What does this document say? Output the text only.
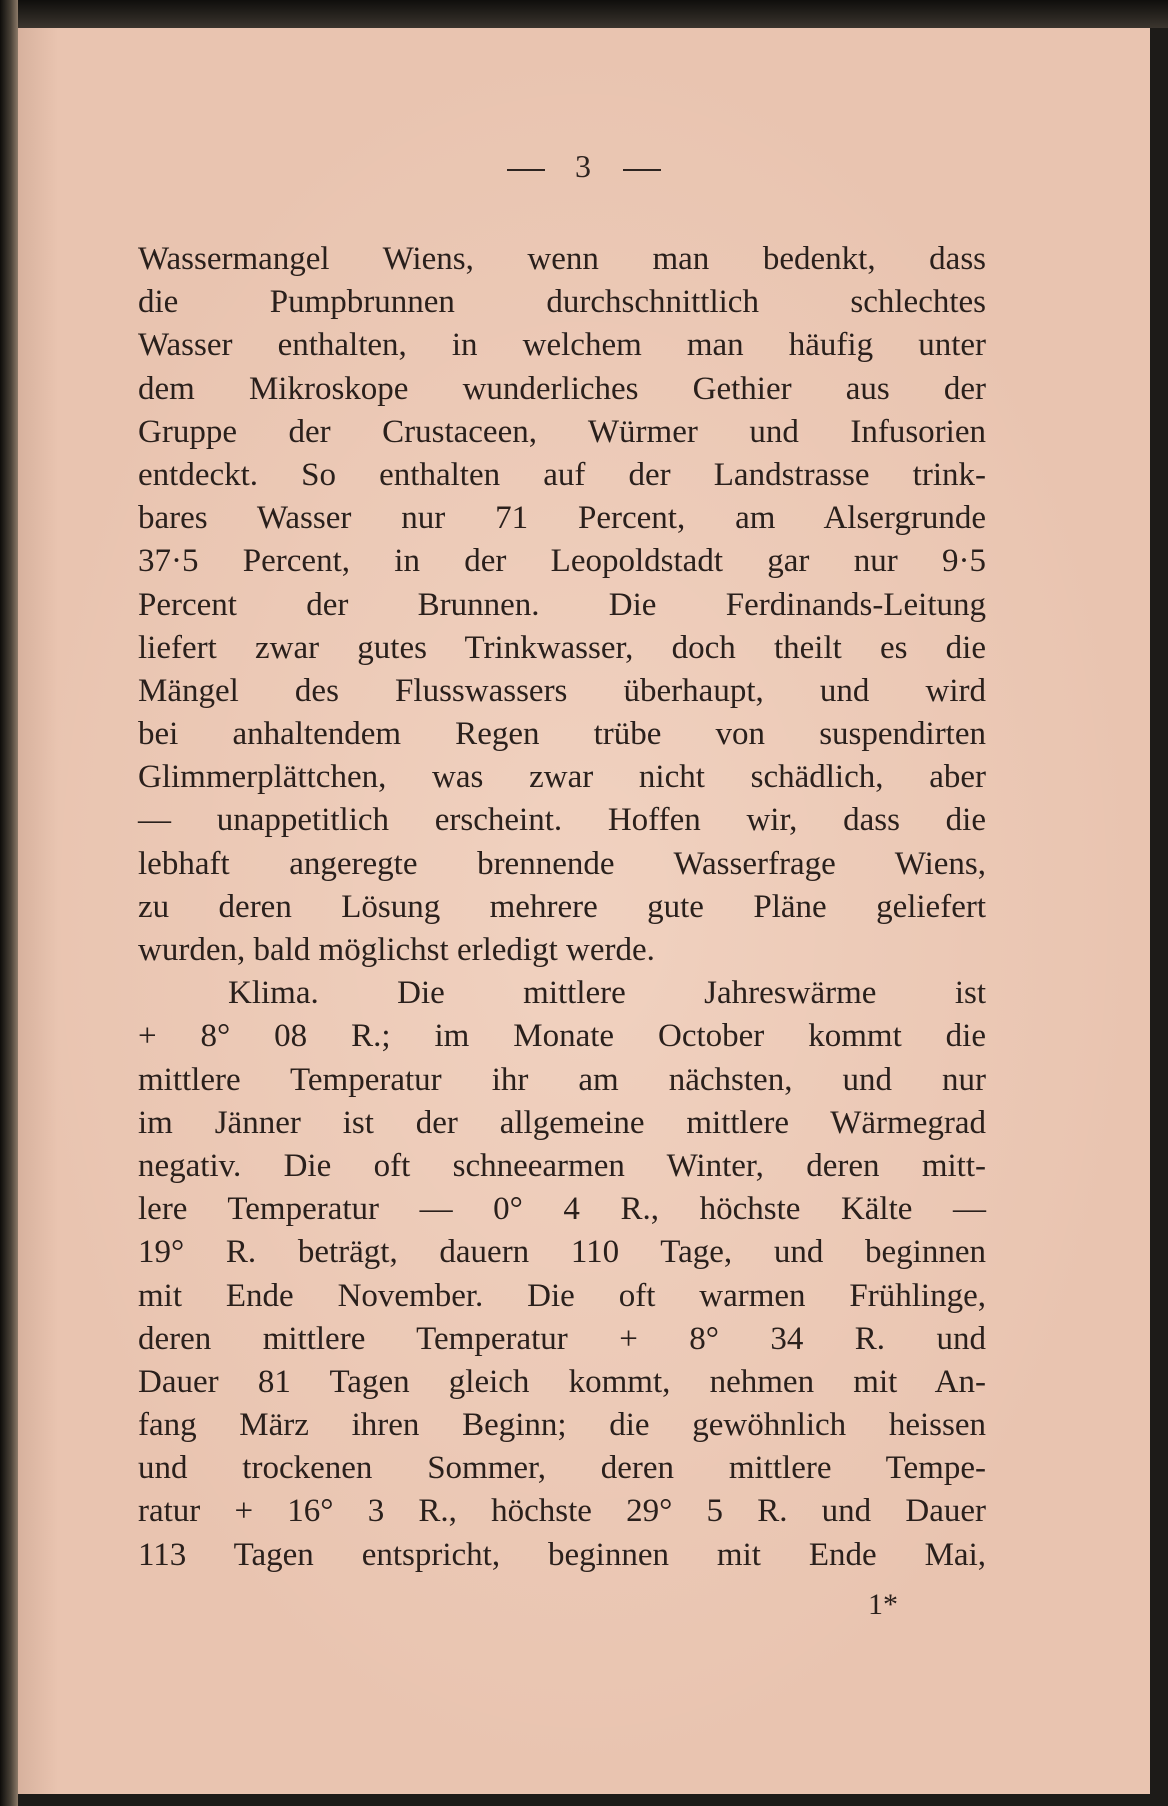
3
Wassermangel Wiens, wenn man bedenkt, dass
die Pumpbrunnen durchschnittlich schlechtes
Wasser enthalten, in welchem man häufig unter
dem Mikroskope wunderliches Gethier aus der
Gruppe der Crustaceen, Würmer und Infusorien
entdeckt. So enthalten auf der Landstrasse trink-
bares Wasser nur 71 Percent, am Alsergrunde
37·5 Percent, in der Leopoldstadt gar nur 9·5
Percent der Brunnen. Die Ferdinands-Leitung
liefert zwar gutes Trinkwasser, doch theilt es die
Mängel des Flusswassers überhaupt, und wird
bei anhaltendem Regen trübe von suspendirten
Glimmerplättchen, was zwar nicht schädlich, aber
— unappetitlich erscheint. Hoffen wir, dass die
lebhaft angeregte brennende Wasserfrage Wiens,
zu deren Lösung mehrere gute Pläne geliefert
wurden, bald möglichst erledigt werde.
Klima. Die mittlere Jahreswärme ist
+ 8° 08 R.; im Monate October kommt die
mittlere Temperatur ihr am nächsten, und nur
im Jänner ist der allgemeine mittlere Wärmegrad
negativ. Die oft schneearmen Winter, deren mitt-
lere Temperatur — 0° 4 R., höchste Kälte —
19° R. beträgt, dauern 110 Tage, und beginnen
mit Ende November. Die oft warmen Frühlinge,
deren mittlere Temperatur + 8° 34 R. und
Dauer 81 Tagen gleich kommt, nehmen mit An-
fang März ihren Beginn; die gewöhnlich heissen
und trockenen Sommer, deren mittlere Tempe-
ratur + 16° 3 R., höchste 29° 5 R. und Dauer
113 Tagen entspricht, beginnen mit Ende Mai,
1*
